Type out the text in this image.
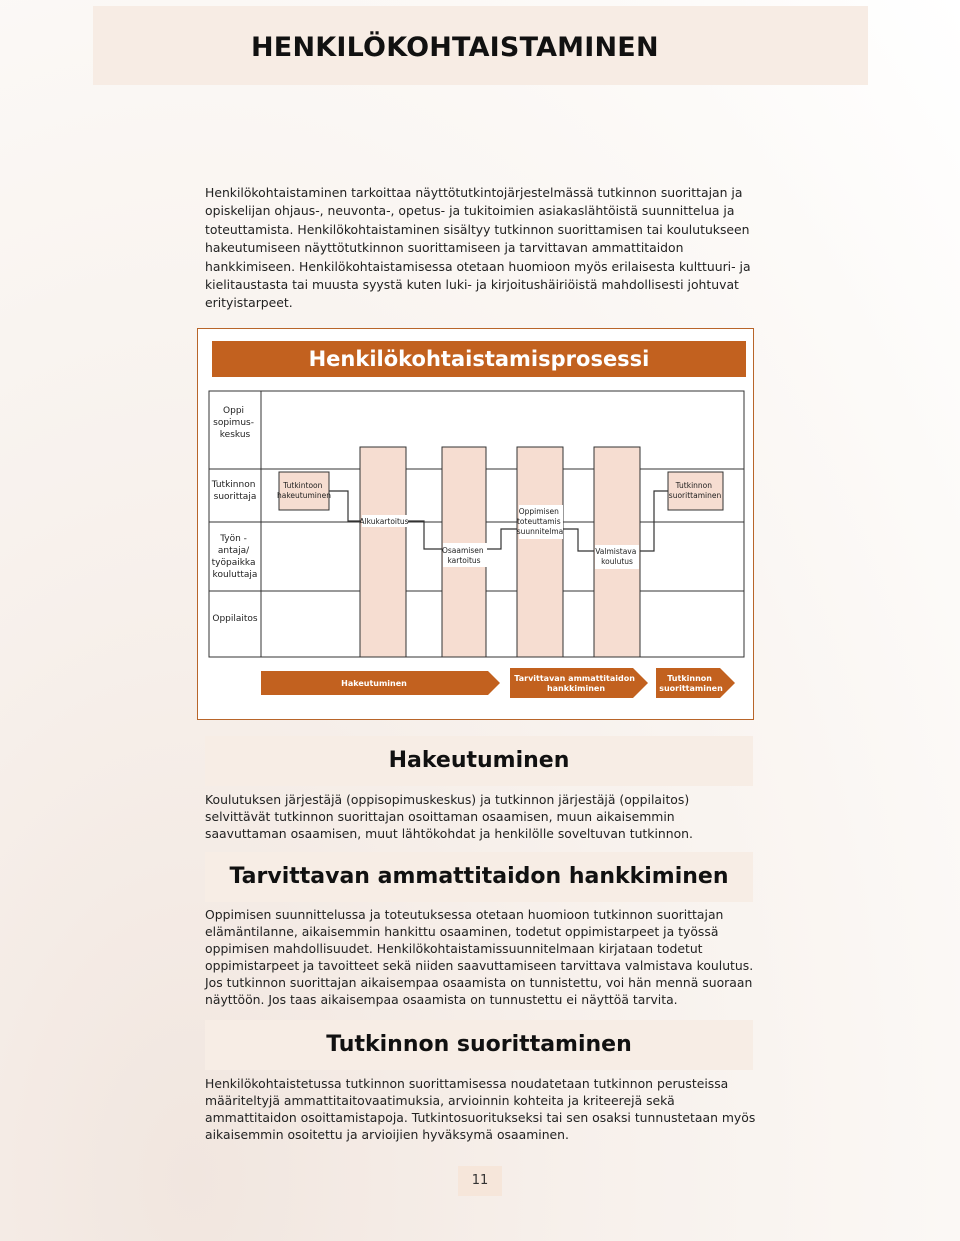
HENKILÖKOHTAISTAMINEN

Henkilökohtaistaminen tarkoittaa näyttötutkintojärjestelmässä tutkinnon suorittajan ja opiskelijan ohjaus-, neuvonta-, opetus- ja tukitoimien asiakaslähtöistä suunnittelua ja toteuttamista. Henkilökohtaistaminen sisältyy tutkinnon suorittamisen tai koulutukseen hakeutumiseen näyttötutkinnon suorittamiseen ja tarvittavan ammattitaidon hankkimiseen. Henkilökohtaistamisessa otetaan huomioon myös erilaisesta kulttuuri- ja kielitaustasta tai muusta syystä kuten luki- ja kirjoitushäiriöistä mahdollisesti johtuvat erityistarpeet.

Henkilökohtaistamisprosessi
Oppi sopimus- keskus
Tutkinnon suorittaja
Työn - antaja/ työpaikka kouluttaja
Oppilaitos
Tutkintoon hakeutuminen
Alkukartoitus
Osaamisen kartoitus
Oppimisen toteuttamis suunnitelma
Valmistava koulutus
Tutkinnon suorittaminen
Hakeutuminen
Tarvittavan ammattitaidon hankkiminen
Tutkinnon suorittaminen
Hakeutuminen

Koulutuksen järjestäjä (oppisopimuskeskus) ja tutkinnon järjestäjä (oppilaitos) selvittävät tutkinnon suorittajan osoittaman osaamisen, muun aikaisemmin saavuttaman osaamisen, muut lähtökohdat ja henkilölle soveltuvan tutkinnon.

Tarvittavan ammattitaidon hankkiminen

Oppimisen suunnittelussa ja toteutuksessa otetaan huomioon tutkinnon suorittajan elämäntilanne, aikaisemmin hankittu osaaminen, todetut oppimistarpeet ja työssä oppimisen mahdollisuudet. Henkilökohtaistamissuunnitelmaan kirjataan todetut oppimistarpeet ja tavoitteet sekä niiden saavuttamiseen tarvittava valmistava koulutus. Jos tutkinnon suorittajan aikaisempaa osaamista on tunnistettu, voi hän mennä suoraan näyttöön. Jos taas aikaisempaa osaamista on tunnustettu ei näyttöä tarvita.

Tutkinnon suorittaminen

Henkilökohtaistetussa tutkinnon suorittamisessa noudatetaan tutkinnon perusteissa määriteltyjä ammattitaitovaatimuksia, arvioinnin kohteita ja kriteerejä sekä ammattitaidon osoittamistapoja. Tutkintosuoritukseksi tai sen osaksi tunnustetaan myös aikaisemmin osoitettu ja arvioijien hyväksymä osaaminen.

11
